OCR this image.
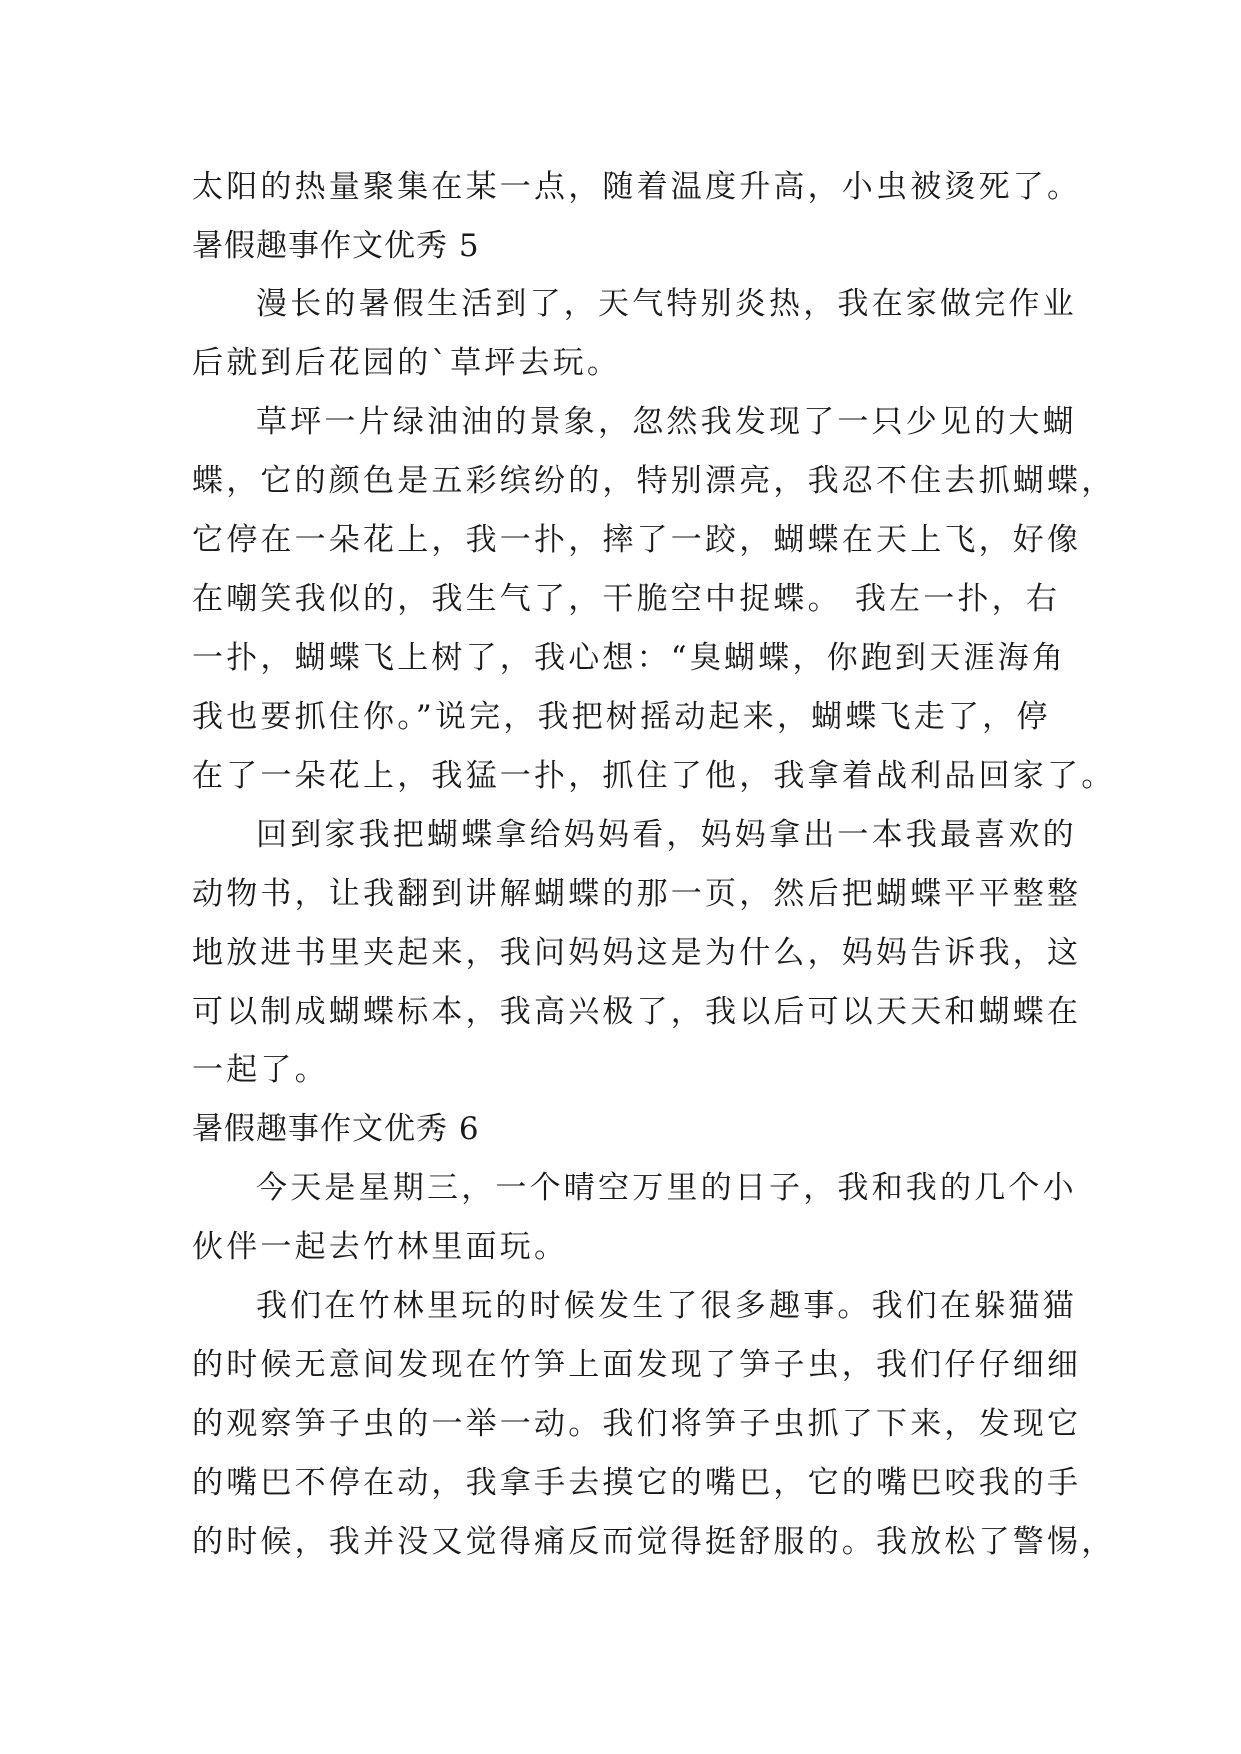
太阳的热量聚集在某一点，随着温度升高，小虫被烫死了。
暑假趣事作文优秀 5
漫长的暑假生活到了，天气特别炎热，我在家做完作业
后就到后花园的`草坪去玩。
草坪一片绿油油的景象，忽然我发现了一只少见的大蝴
蝶，它的颜色是五彩缤纷的，特别漂亮，我忍不住去抓蝴蝶，
它停在一朵花上，我一扑，摔了一跤，蝴蝶在天上飞，好像
在嘲笑我似的，我生气了，干脆空中捉蝶。 我左一扑，右
一扑，蝴蝶飞上树了，我心想：“臭蝴蝶，你跑到天涯海角
我也要抓住你。”说完，我把树摇动起来，蝴蝶飞走了，停
在了一朵花上，我猛一扑，抓住了他，我拿着战利品回家了。
回到家我把蝴蝶拿给妈妈看，妈妈拿出一本我最喜欢的
动物书，让我翻到讲解蝴蝶的那一页，然后把蝴蝶平平整整
地放进书里夹起来，我问妈妈这是为什么，妈妈告诉我，这
可以制成蝴蝶标本，我高兴极了，我以后可以天天和蝴蝶在
一起了。
暑假趣事作文优秀 6
今天是星期三，一个晴空万里的日子，我和我的几个小
伙伴一起去竹林里面玩。
我们在竹林里玩的时候发生了很多趣事。我们在躲猫猫
的时候无意间发现在竹笋上面发现了笋子虫，我们仔仔细细
的观察笋子虫的一举一动。我们将笋子虫抓了下来，发现它
的嘴巴不停在动，我拿手去摸它的嘴巴，它的嘴巴咬我的手
的时候，我并没又觉得痛反而觉得挺舒服的。我放松了警惕，
